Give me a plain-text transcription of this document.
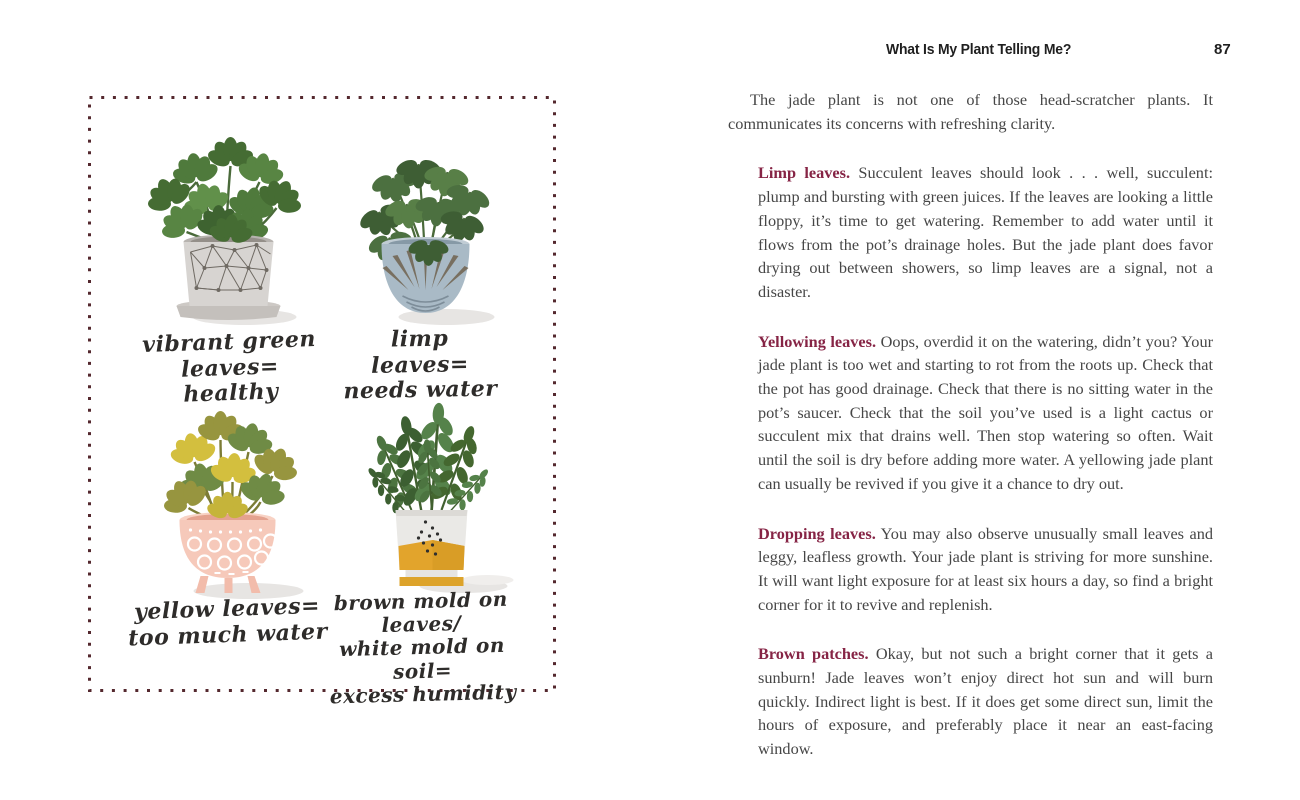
vibrant green leaves=
healthy
limp leaves=
needs water
yellow leaves=
too much water
brown mold on leaves/
white mold on soil=
excess humidity
What Is My Plant Telling Me?	87

The jade plant is not one of those head-scratcher plants. It communicates its concerns with refreshing clarity.

Limp leaves. Succulent leaves should look . . . well, succulent: plump and bursting with green juices. If the leaves are looking a little floppy, it’s time to get watering. Remember to add water until it flows from the pot’s drainage holes. But the jade plant does favor drying out between showers, so limp leaves are a signal, not a disaster.

Yellowing leaves. Oops, overdid it on the watering, didn’t you? Your jade plant is too wet and starting to rot from the roots up. Check that the pot has good drainage. Check that there is no sitting water in the pot’s saucer. Check that the soil you’ve used is a light cactus or succulent mix that drains well. Then stop watering so often. Wait until the soil is dry before adding more water. A yellowing jade plant can usually be revived if you give it a chance to dry out.

Dropping leaves. You may also observe unusually small leaves and leggy, leafless growth. Your jade plant is striving for more sunshine. It will want light exposure for at least six hours a day, so find a bright corner for it to revive and replenish.

Brown patches. Okay, but not such a bright corner that it gets a sunburn! Jade leaves won’t enjoy direct hot sun and will burn quickly. Indirect light is best. If it does get some direct sun, limit the hours of exposure, and preferably place it near an east-facing window.
